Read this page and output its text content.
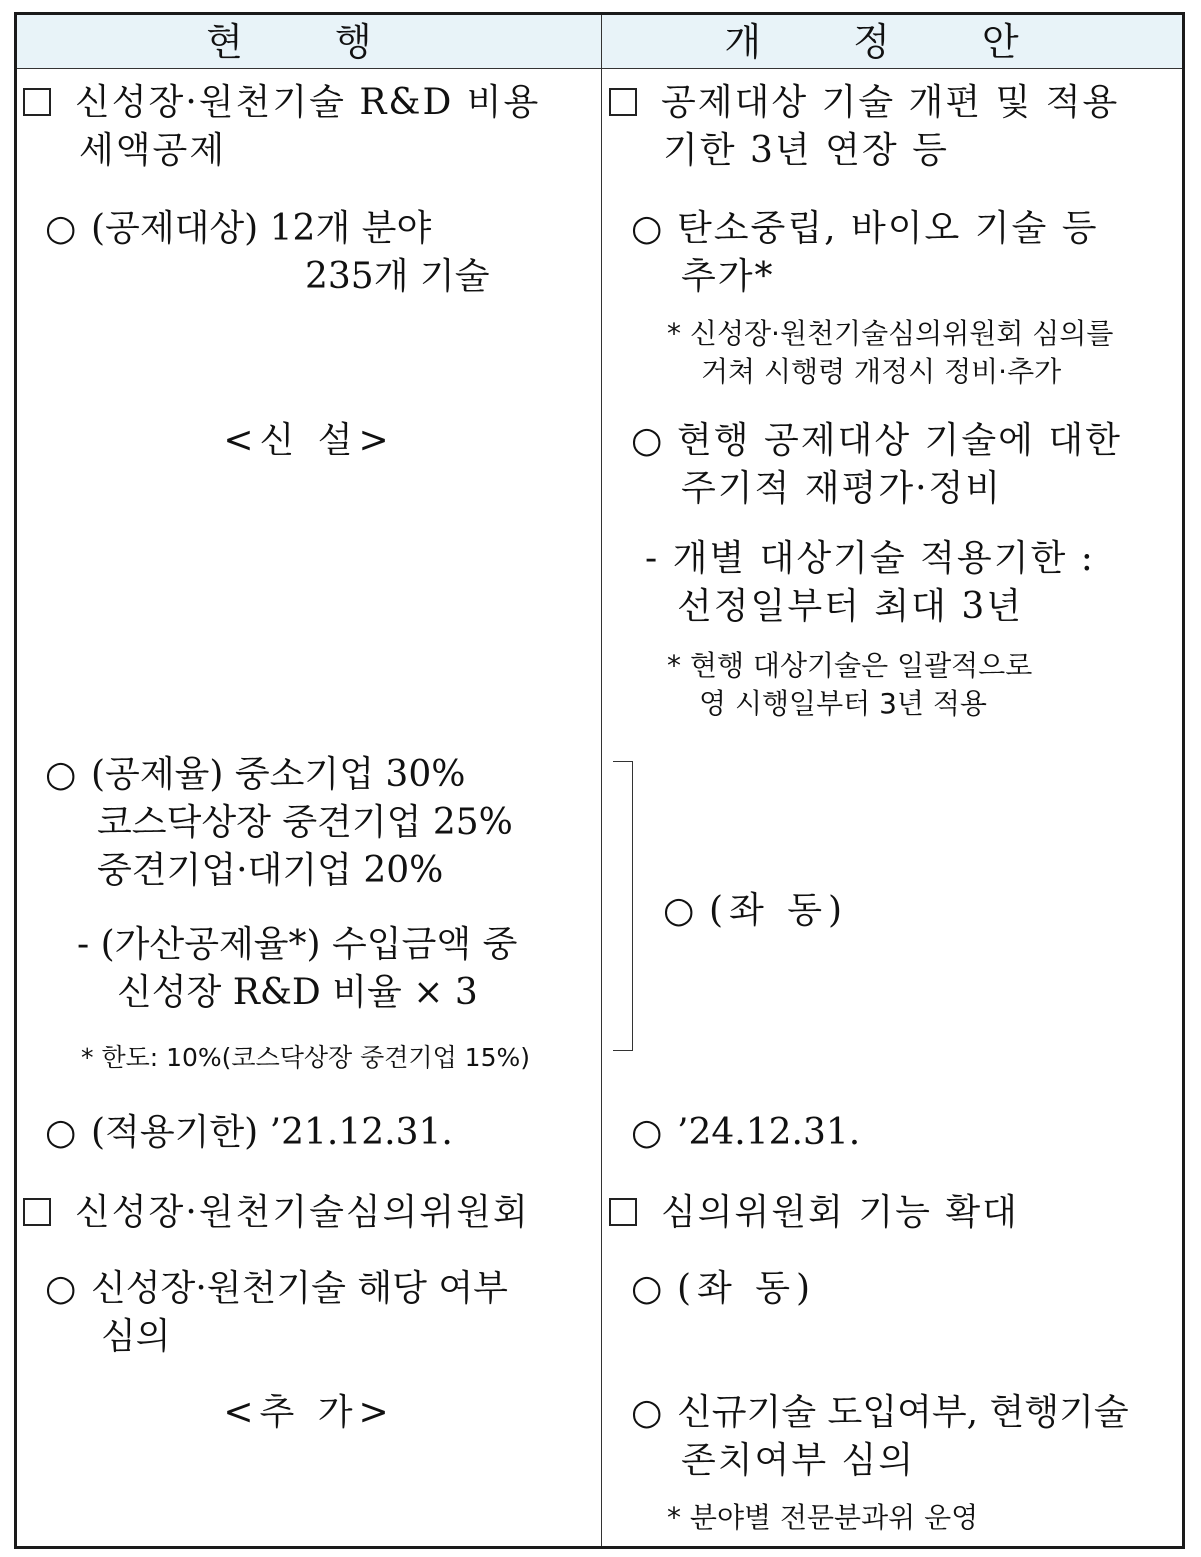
현 행	개 정 안
신성장·원천기술 R&D 비용
세액공제
○ (공제대상) 12개 분야
235개 기술
<신 설>
○ (공제율) 중소기업 30%
코스닥상장 중견기업 25%
중견기업·대기업 20%
- (가산공제율*) 수입금액 중
신성장 R&D 비율 × 3
* 한도: 10%(코스닥상장 중견기업 15%)
○ (적용기한) ’21.12.31.
신성장·원천기술심의위원회
○ 신성장·원천기술 해당 여부
심의
<추 가>
공제대상 기술 개편 및 적용
기한 3년 연장 등
○ 탄소중립, 바이오 기술 등
추가*
* 신성장·원천기술심의위원회 심의를
거쳐 시행령 개정시 정비·추가
○ 현행 공제대상 기술에 대한
주기적 재평가·정비
- 개별 대상기술 적용기한 :
선정일부터 최대 3년
* 현행 대상기술은 일괄적으로
영 시행일부터 3년 적용
○ (좌 동)
○ ’24.12.31.
심의위원회 기능 확대
○ (좌 동)
○ 신규기술 도입여부, 현행기술
존치여부 심의
* 분야별 전문분과위 운영
